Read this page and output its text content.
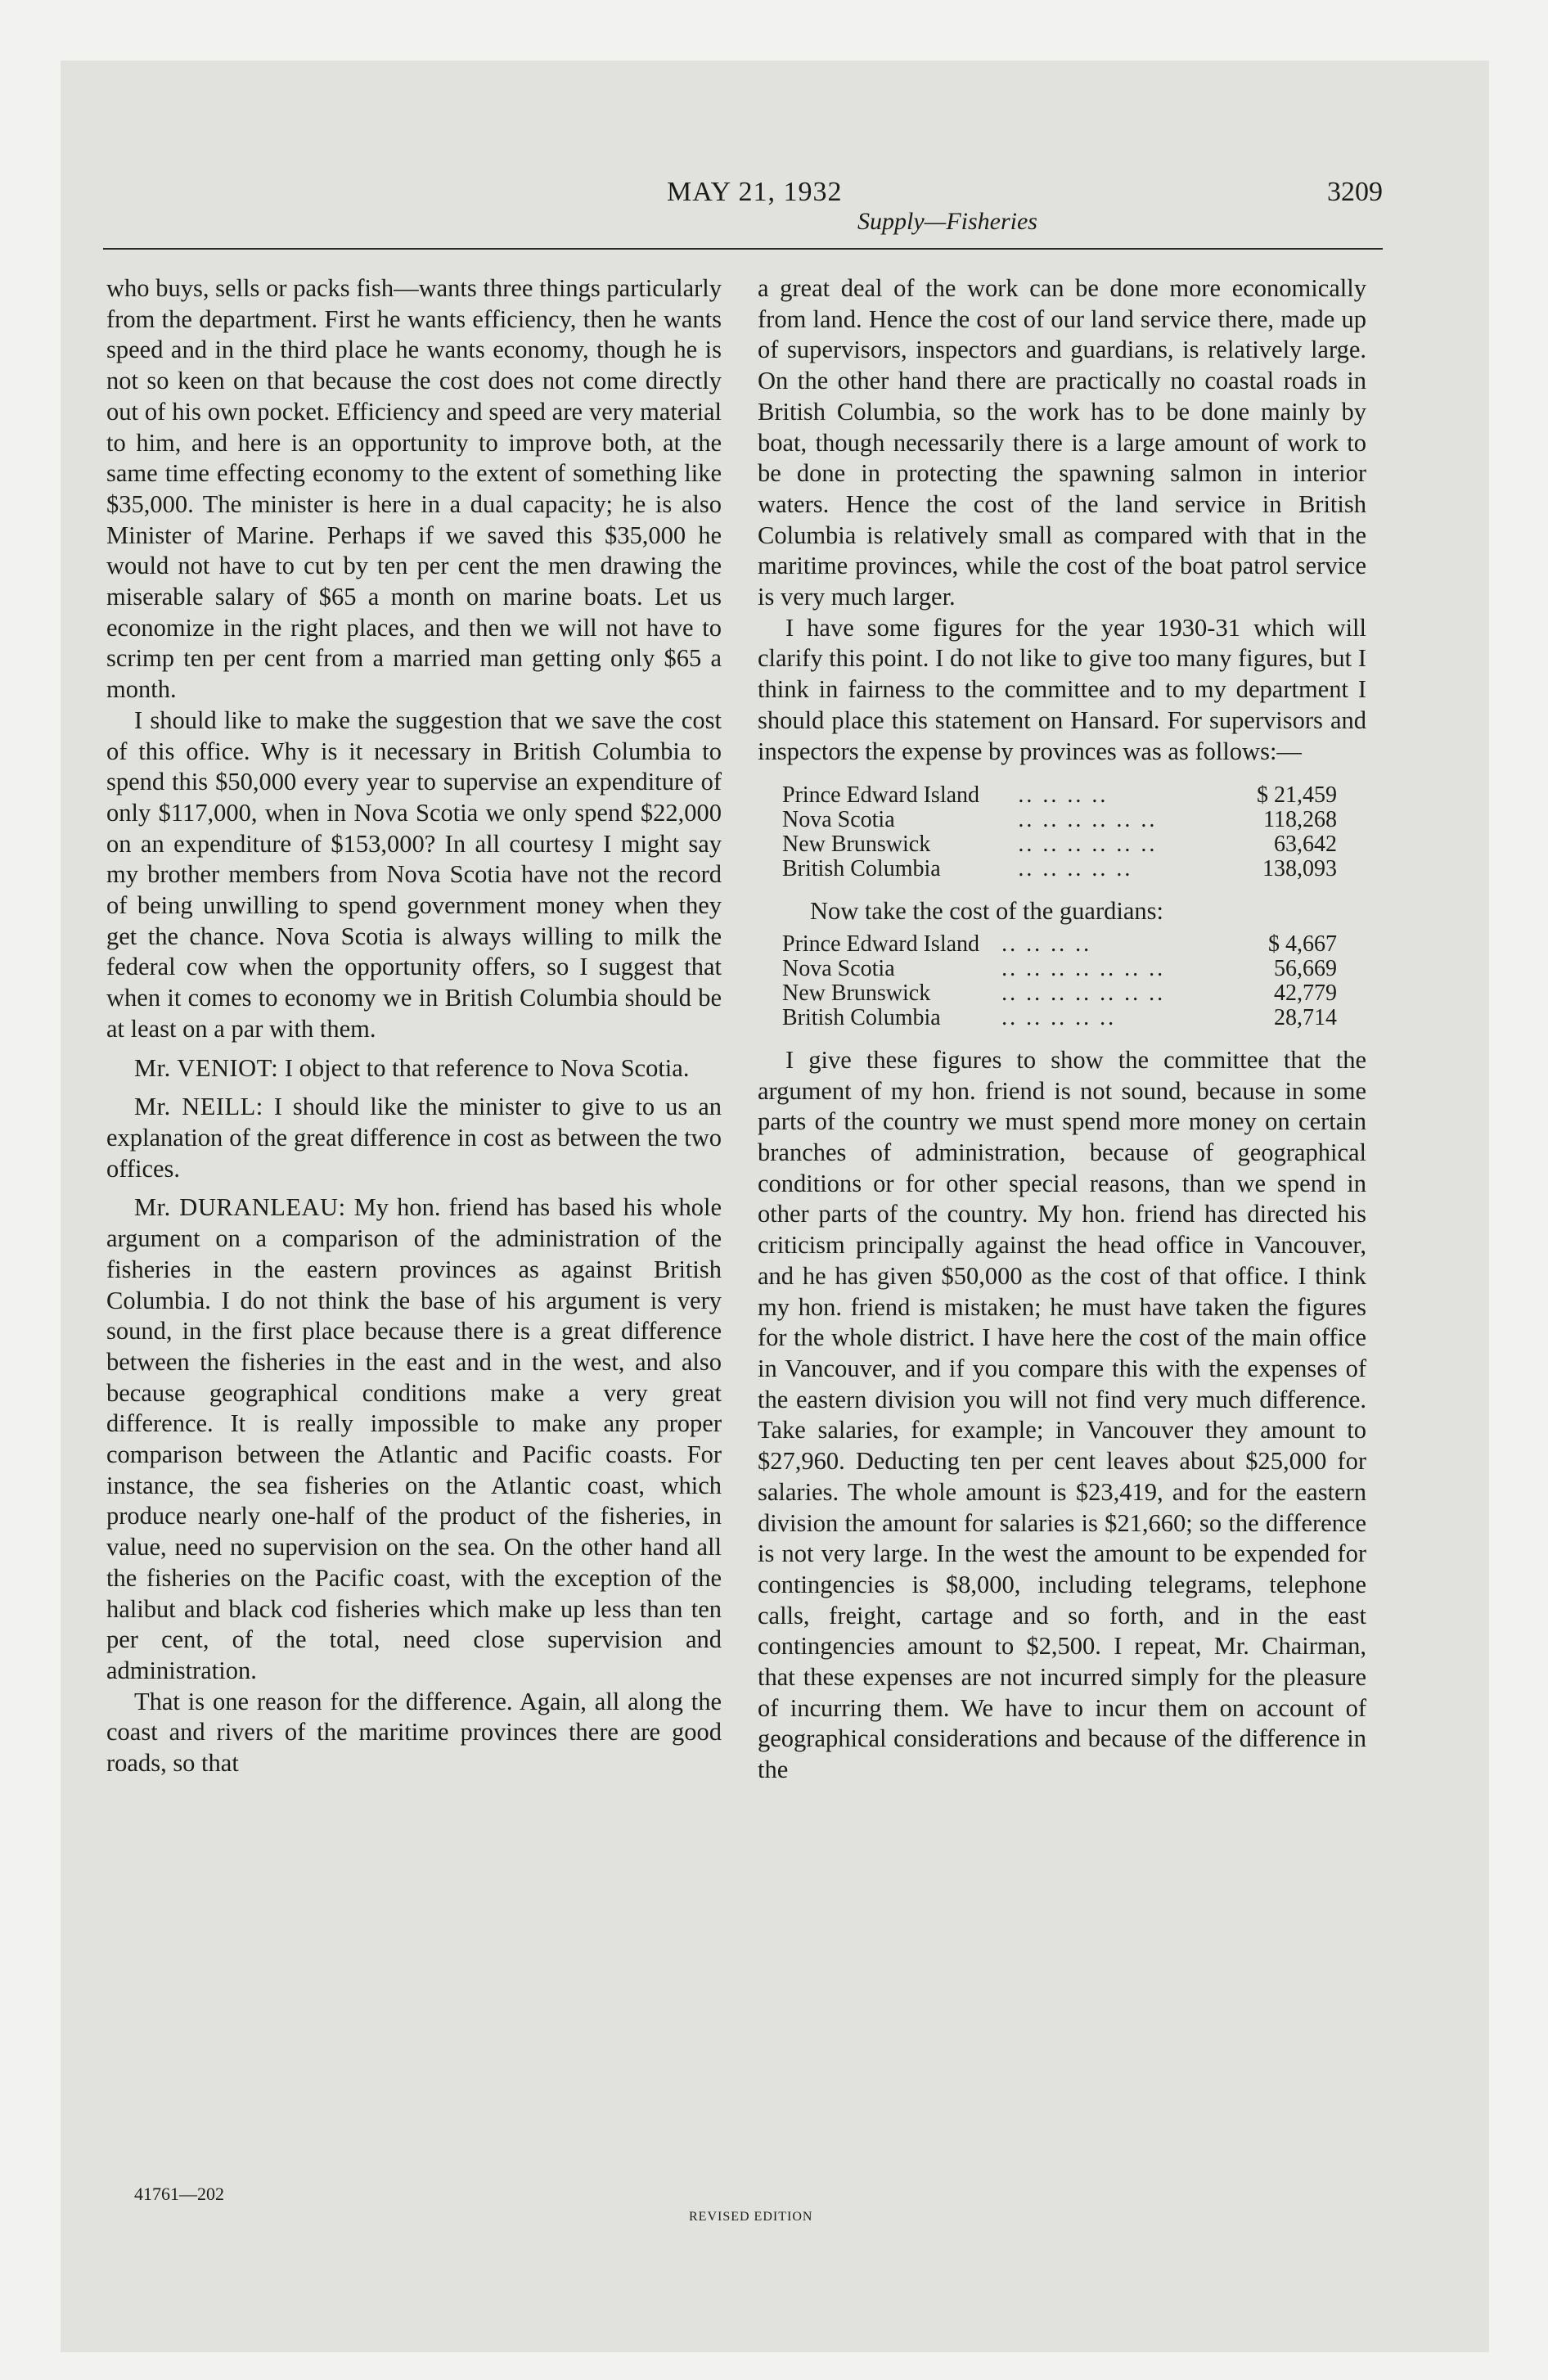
MAY 21, 1932	3209
Supply—Fisheries

who buys, sells or packs fish—wants three things particularly from the department. First he wants efficiency, then he wants speed and in the third place he wants economy, though he is not so keen on that because the cost does not come directly out of his own pocket. Efficiency and speed are very material to him, and here is an opportunity to improve both, at the same time effecting economy to the extent of something like $35,000. The minister is here in a dual capacity; he is also Minister of Marine. Perhaps if we saved this $35,000 he would not have to cut by ten per cent the men drawing the miserable salary of $65 a month on marine boats. Let us economize in the right places, and then we will not have to scrimp ten per cent from a married man getting only $65 a month.

I should like to make the suggestion that we save the cost of this office. Why is it necessary in British Columbia to spend this $50,000 every year to supervise an expenditure of only $117,000, when in Nova Scotia we only spend $22,000 on an expenditure of $153,000? In all courtesy I might say my brother members from Nova Scotia have not the record of being unwilling to spend government money when they get the chance. Nova Scotia is always willing to milk the federal cow when the opportunity offers, so I suggest that when it comes to economy we in British Columbia should be at least on a par with them.

Mr. VENIOT: I object to that reference to Nova Scotia.

Mr. NEILL: I should like the minister to give to us an explanation of the great difference in cost as between the two offices.

Mr. DURANLEAU: My hon. friend has based his whole argument on a comparison of the administration of the fisheries in the eastern provinces as against British Columbia. I do not think the base of his argument is very sound, in the first place because there is a great difference between the fisheries in the east and in the west, and also because geographical conditions make a very great difference. It is really impossible to make any proper comparison between the Atlantic and Pacific coasts. For instance, the sea fisheries on the Atlantic coast, which produce nearly one-half of the product of the fisheries, in value, need no supervision on the sea. On the other hand all the fisheries on the Pacific coast, with the exception of the halibut and black cod fisheries which make up less than ten per cent, of the total, need close supervision and administration.

That is one reason for the difference. Again, all along the coast and rivers of the maritime provinces there are good roads, so that

a great deal of the work can be done more economically from land. Hence the cost of our land service there, made up of supervisors, inspectors and guardians, is relatively large. On the other hand there are practically no coastal roads in British Columbia, so the work has to be done mainly by boat, though necessarily there is a large amount of work to be done in protecting the spawning salmon in interior waters. Hence the cost of the land service in British Columbia is relatively small as compared with that in the maritime provinces, while the cost of the boat patrol service is very much larger.

I have some figures for the year 1930-31 which will clarify this point. I do not like to give too many figures, but I think in fairness to the committee and to my department I should place this statement on Hansard. For supervisors and inspectors the expense by provinces was as follows:—

Prince Edward Island	.. .. .. ..	$ 21,459
Nova Scotia	.. .. .. .. .. ..	118,268
New Brunswick	.. .. .. .. .. ..	63,642
British Columbia	.. .. .. .. ..	138,093

Now take the cost of the guardians:

Prince Edward Island	.. .. .. ..	$ 4,667
Nova Scotia	.. .. .. .. .. .. ..	56,669
New Brunswick	.. .. .. .. .. .. ..	42,779
British Columbia	.. .. .. .. ..	28,714

I give these figures to show the committee that the argument of my hon. friend is not sound, because in some parts of the country we must spend more money on certain branches of administration, because of geographical conditions or for other special reasons, than we spend in other parts of the country. My hon. friend has directed his criticism principally against the head office in Vancouver, and he has given $50,000 as the cost of that office. I think my hon. friend is mistaken; he must have taken the figures for the whole district. I have here the cost of the main office in Vancouver, and if you compare this with the expenses of the eastern division you will not find very much difference. Take salaries, for example; in Vancouver they amount to $27,960. Deducting ten per cent leaves about $25,000 for salaries. The whole amount is $23,419, and for the eastern division the amount for salaries is $21,660; so the difference is not very large. In the west the amount to be expended for contingencies is $8,000, including telegrams, telephone calls, freight, cartage and so forth, and in the east contingencies amount to $2,500. I repeat, Mr. Chairman, that these expenses are not incurred simply for the pleasure of incurring them. We have to incur them on account of geographical considerations and because of the difference in the

41761—202
REVISED EDITION
